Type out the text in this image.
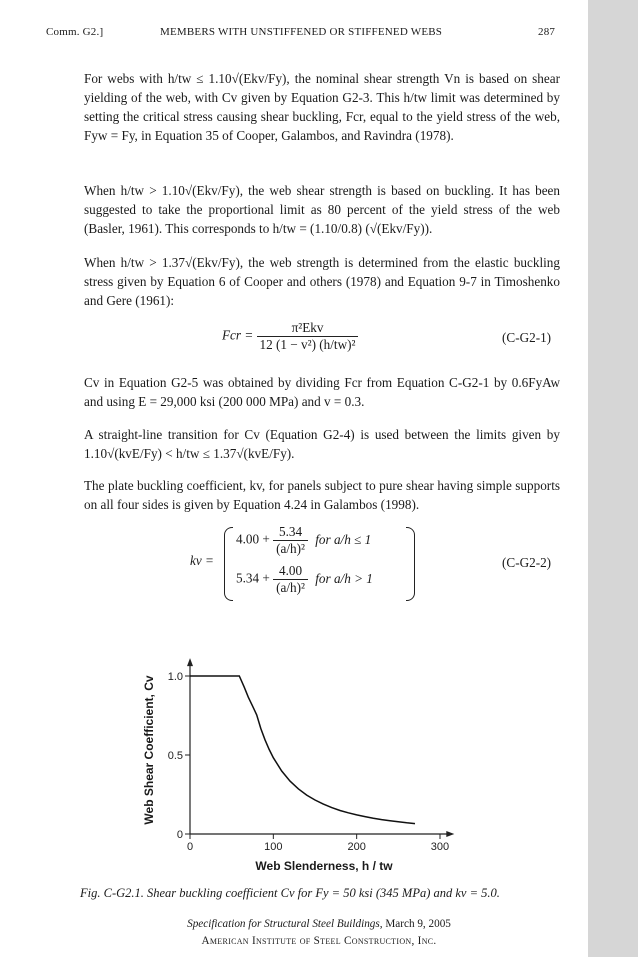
Comm. G2.]	MEMBERS WITH UNSTIFFENED OR STIFFENED WEBS	287

For webs with h/tw ≤ 1.10√(Ekv/Fy), the nominal shear strength Vn is based on shear yielding of the web, with Cv given by Equation G2-3. This h/tw limit was determined by setting the critical stress causing shear buckling, Fcr, equal to the yield stress of the web, Fyw = Fy, in Equation 35 of Cooper, Galambos, and Ravindra (1978).

When h/tw > 1.10√(Ekv/Fy), the web shear strength is based on buckling. It has been suggested to take the proportional limit as 80 percent of the yield stress of the web (Basler, 1961). This corresponds to h/tw = (1.10/0.8) (√(Ekv/Fy)).

When h/tw > 1.37√(Ekv/Fy), the web strength is determined from the elastic buckling stress given by Equation 6 of Cooper and others (1978) and Equation 9-7 in Timoshenko and Gere (1961):

Fcr = $\frac{\text{π²Ekv}}{\text{12 (1 − v²) (h/tw)²}}$	(C-G2-1)

Cv in Equation G2-5 was obtained by dividing Fcr from Equation C-G2-1 by 0.6FyAw and using E = 29,000 ksi (200 000 MPa) and v = 0.3.

A straight-line transition for Cv (Equation G2-4) is used between the limits given by 1.10√(kvE/Fy) < h/tw ≤ 1.37√(kvE/Fy).

The plate buckling coefficient, kv, for panels subject to pure shear having simple supports on all four sides is given by Equation 4.24 in Galambos (1998).

kv =
$4.00 + \frac{5.34}{\text{(a/h)²}}$ for a/h ≤ 1
$5.34 + \frac{4.00}{\text{(a/h)²}}$ for a/h > 1
(C-G2-2)
0	100	200	300
0
0.5
1.0
Web Slenderness, h / tw
Web Shear Coefficient, Cv
Fig. C-G2.1. Shear buckling coefficient Cv for Fy = 50 ksi (345 MPa) and kv = 5.0.
Specification for Structural Steel Buildings, March 9, 2005
American Institute of Steel Construction, Inc.
